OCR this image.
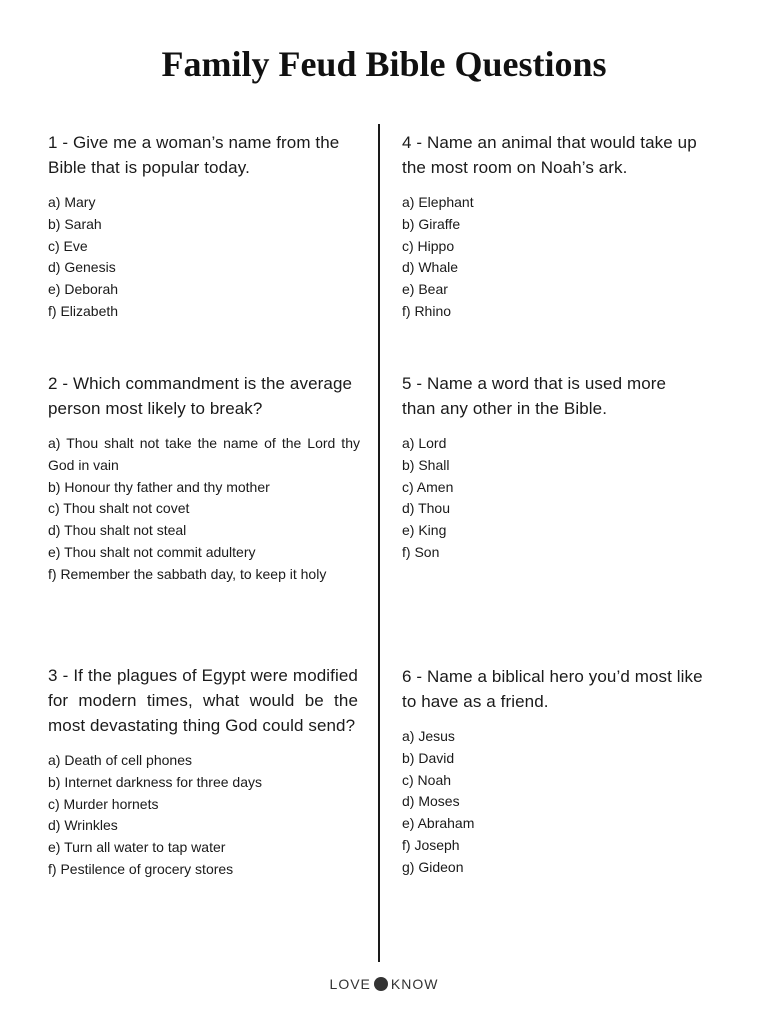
Family Feud Bible Questions

1 - Give me a woman’s name from the Bible that is popular today.

a) Mary
b) Sarah
c) Eve
d) Genesis
e) Deborah
f) Elizabeth

2 - Which commandment is the average person most likely to break?

a) Thou shalt not take the name of the Lord thy God in vain
b) Honour thy father and thy mother
c) Thou shalt not covet
d) Thou shalt not steal
e) Thou shalt not commit adultery
f) Remember the sabbath day, to keep it holy

3 - If the plagues of Egypt were modified for modern times, what would be the most devastating thing God could send?

a) Death of cell phones
b) Internet darkness for three days
c) Murder hornets
d) Wrinkles
e) Turn all water to tap water
f) Pestilence of grocery stores

4 - Name an animal that would take up the most room on Noah’s ark.

a) Elephant
b) Giraffe
c) Hippo
d) Whale
e) Bear
f) Rhino

5 - Name a word that is used more than any other in the Bible.

a) Lord
b) Shall
c) Amen
d) Thou
e) King
f) Son

6 - Name a biblical hero you’d most like to have as a friend.

a) Jesus
b) David
c) Noah
d) Moses
e) Abraham
f) Joseph
g) Gideon
LOVE KNOW
